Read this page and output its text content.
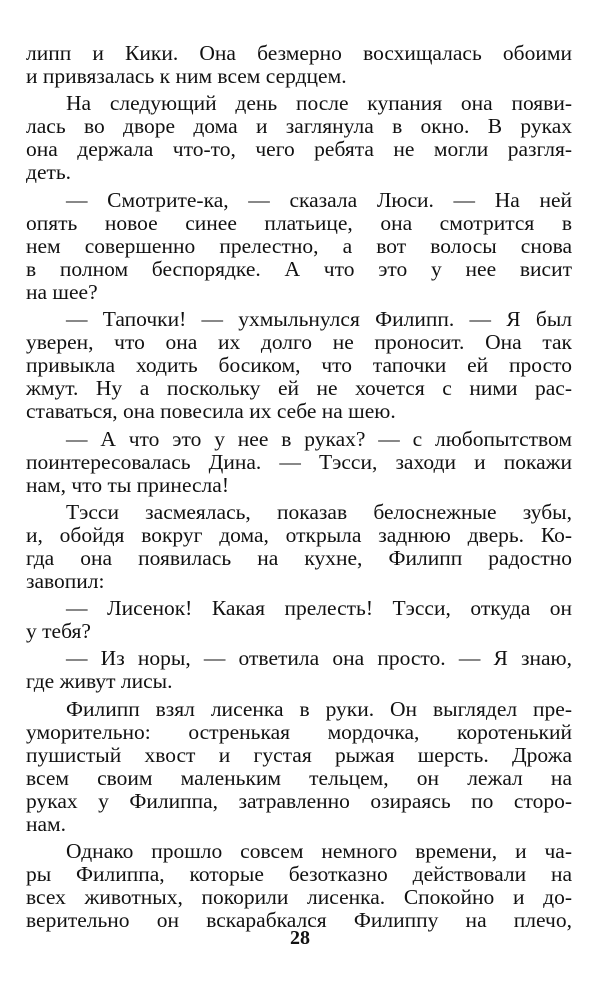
липп и Кики. Она безмерно восхищалась обоими
и привязалась к ним всем сердцем.
На следующий день после купания она появи-
лась во дворе дома и заглянула в окно. В руках
она держала что-то, чего ребята не могли разгля-
деть.
— Смотрите-ка, — сказала Люси. — На ней
опять новое синее платьице, она смотрится в
нем совершенно прелестно, а вот волосы снова
в полном беспорядке. А что это у нее висит
на шее?
— Тапочки! — ухмыльнулся Филипп. — Я был
уверен, что она их долго не проносит. Она так
привыкла ходить босиком, что тапочки ей просто
жмут. Ну а поскольку ей не хочется с ними рас-
ставаться, она повесила их себе на шею.
— А что это у нее в руках? — с любопытством
поинтересовалась Дина. — Тэсси, заходи и покажи
нам, что ты принесла!
Тэсси засмеялась, показав белоснежные зубы,
и, обойдя вокруг дома, открыла заднюю дверь. Ко-
гда она появилась на кухне, Филипп радостно
завопил:
— Лисенок! Какая прелесть! Тэсси, откуда он
у тебя?
— Из норы, — ответила она просто. — Я знаю,
где живут лисы.
Филипп взял лисенка в руки. Он выглядел пре-
уморительно: остренькая мордочка, коротенький
пушистый хвост и густая рыжая шерсть. Дрожа
всем своим маленьким тельцем, он лежал на
руках у Филиппа, затравленно озираясь по сторо-
нам.
Однако прошло совсем немного времени, и ча-
ры Филиппа, которые безотказно действовали на
всех животных, покорили лисенка. Спокойно и до-
верительно он вскарабкался Филиппу на плечо,
28
